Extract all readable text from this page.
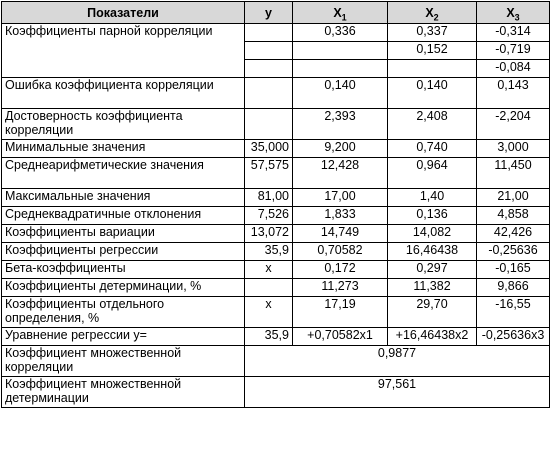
Показатели	y	$X_1$	$X_2$	$X_3$
Коэффициенты парной корреляции		0,336	0,337	-0,314
			0,152	-0,719
				-0,084
Ошибка коэффициента корреляции		0,140	0,140	0,143
Достоверность коэффициента корреляции		2,393	2,408	-2,204
Минимальные значения	35,000	9,200	0,740	3,000
Среднеарифметические значения	57,575	12,428	0,964	11,450
Максимальные значения	81,00	17,00	1,40	21,00
Среднеквадратичные отклонения	7,526	1,833	0,136	4,858
Коэффициенты вариации	13,072	14,749	14,082	42,426
Коэффициенты регрессии	35,9	0,70582	16,46438	-0,25636
Бета-коэффициенты	x	0,172	0,297	-0,165
Коэффициенты детерминации, %		11,273	11,382	9,866
Коэффициенты отдельного определения, %	x	17,19	29,70	-16,55
Уравнение регрессии y=	35,9	+0,70582x1	+16,46438x2	-0,25636x3
Коэффициент множественной корреляции	0,9877			
Коэффициент множественной детерминации	97,561			
